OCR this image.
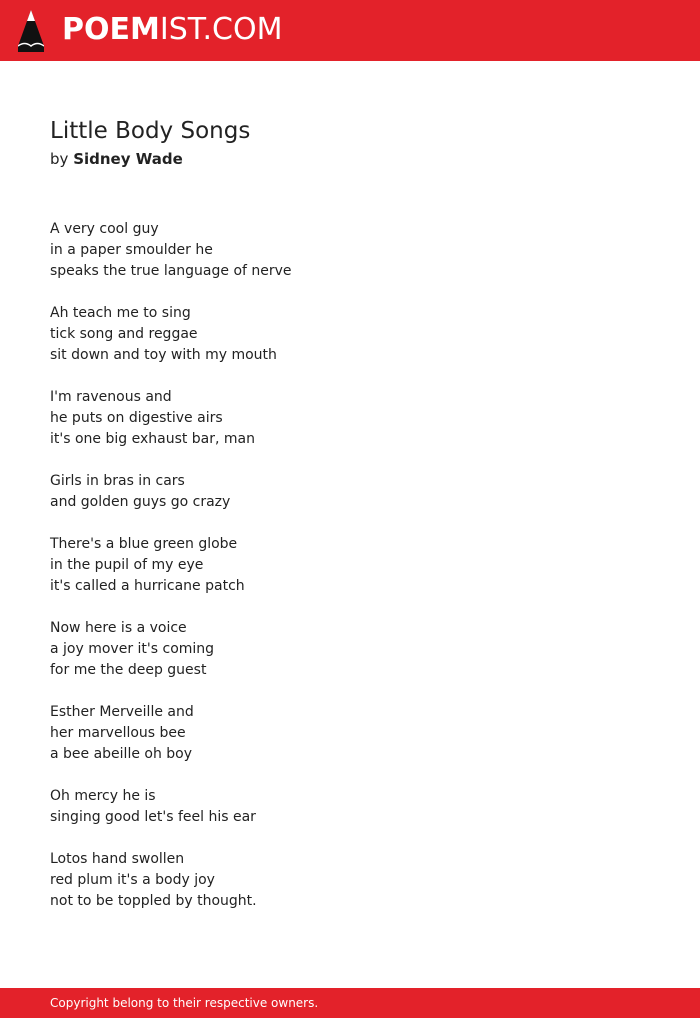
POEMIST.COM
Little Body Songs
by Sidney Wade
A very cool guy
in a paper smoulder he
speaks the true language of nerve
Ah teach me to sing
tick song and reggae
sit down and toy with my mouth
I'm ravenous and
he puts on digestive airs
it's one big exhaust bar, man
Girls in bras in cars
and golden guys go crazy
There's a blue green globe
in the pupil of my eye
it's called a hurricane patch
Now here is a voice
a joy mover it's coming
for me the deep guest
Esther Merveille and
her marvellous bee
a bee abeille oh boy
Oh mercy he is
singing good let's feel his ear
Lotos hand swollen
red plum it's a body joy
not to be toppled by thought.
Copyright belong to their respective owners.
